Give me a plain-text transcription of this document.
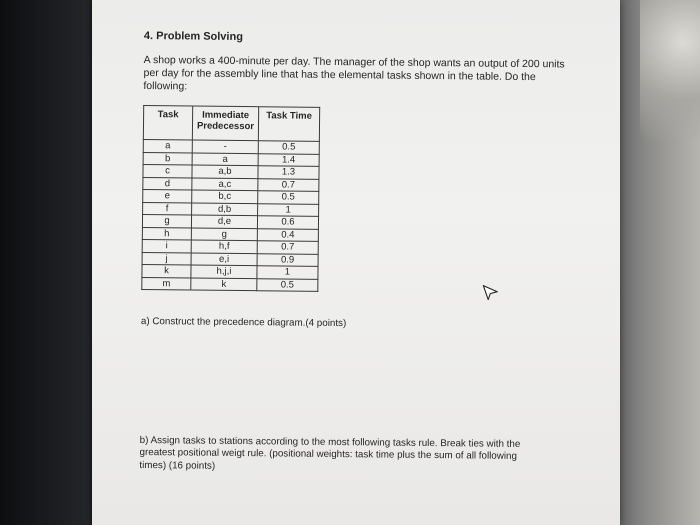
4. Problem Solving
A shop works a 400-minute per day. The manager of the shop wants an output of 200 units per day for the assembly line that has the elemental tasks shown in the table. Do the following:
Task	Immediate Predecessor	Task Time
a	-	0.5
b	a	1.4
c	a,b	1.3
d	a,c	0.7
e	b,c	0.5
f	d,b	1
g	d,e	0.6
h	g	0.4
i	h,f	0.7
j	e,i	0.9
k	h,j,i	1
m	k	0.5
a) Construct the precedence diagram.(4 points)
b) Assign tasks to stations according to the most following tasks rule. Break ties with the greatest positional weigt rule. (positional weights: task time plus the sum of all following times) (16 points)
